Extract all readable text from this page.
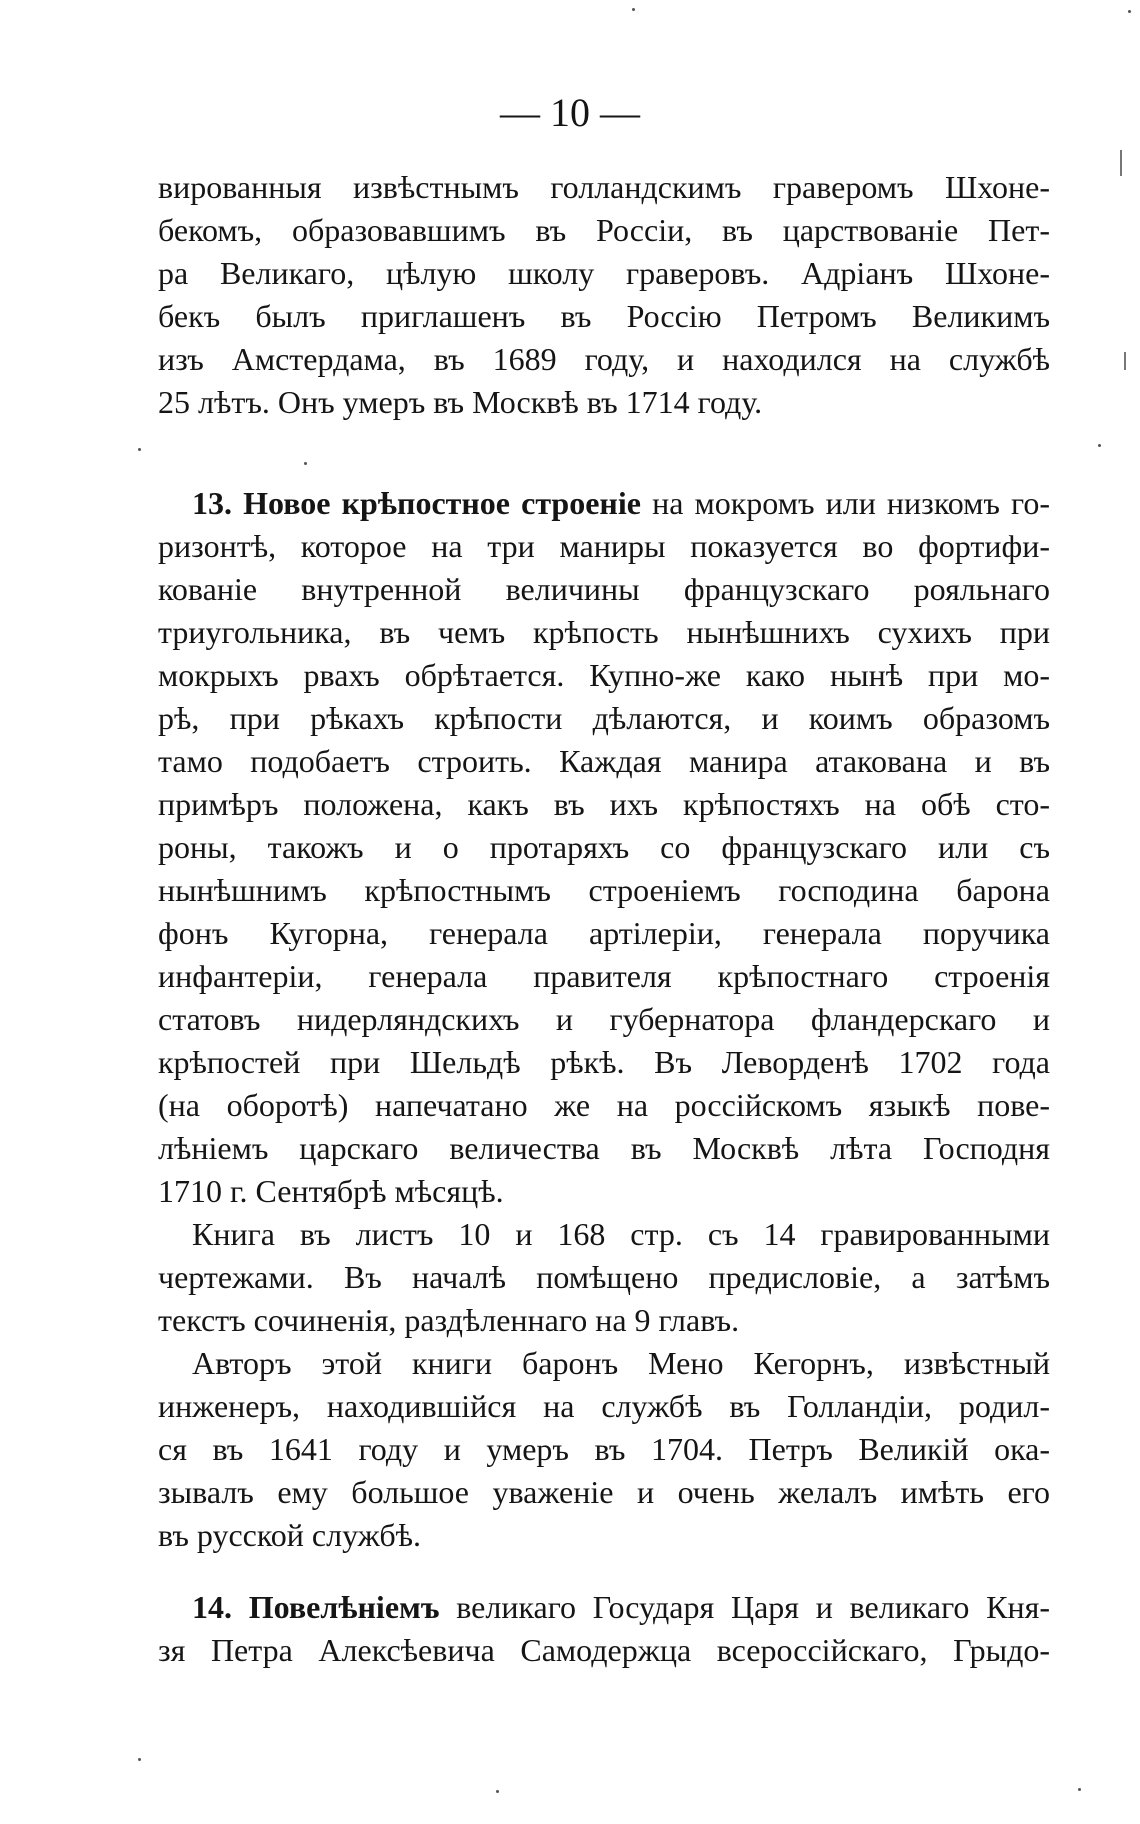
— 10 —
вированныя извѣстнымъ голландскимъ граверомъ Шхоне-
бекомъ, образовавшимъ въ Россіи, въ царствованіе Пет-
ра Великаго, цѣлую школу граверовъ. Адріанъ Шхоне-
бекъ былъ приглашенъ въ Россію Петромъ Великимъ
изъ Амстердама, въ 1689 году, и находился на службѣ
25 лѣтъ. Онъ умеръ въ Москвѣ въ 1714 году.
13. Новое крѣпостное строеніе на мокромъ или низкомъ го-
ризонтѣ, которое на три маниры показуется во фортифи-
кованіе внутренной величины французскаго рояльнаго
триугольника, въ чемъ крѣпость нынѣшнихъ сухихъ при
мокрыхъ рвахъ обрѣтается. Купно-же како нынѣ при мо-
рѣ, при рѣкахъ крѣпости дѣлаются, и коимъ образомъ
тамо подобаетъ строить. Каждая манира атакована и въ
примѣръ положена, какъ въ ихъ крѣпостяхъ на обѣ сто-
роны, такожъ и о протаряхъ со французскаго или съ
нынѣшнимъ крѣпостнымъ строеніемъ господина барона
фонъ Кугорна, генерала артілеріи, генерала поручика
инфантеріи, генерала правителя крѣпостнаго строенія
статовъ нидерляндскихъ и губернатора фландерскаго и
крѣпостей при Шельдѣ рѣкѣ. Въ Леворденѣ 1702 года
(на оборотѣ) напечатано же на россійскомъ языкѣ пове-
лѣніемъ царскаго величества въ Москвѣ лѣта Господня
1710 г. Сентябрѣ мѣсяцѣ.
Книга въ листъ 10 и 168 стр. съ 14 гравированными
чертежами. Въ началѣ помѣщено предисловіе, а затѣмъ
текстъ сочиненія, раздѣленнаго на 9 главъ.
Авторъ этой книги баронъ Мено Кегорнъ, извѣстный
инженеръ, находившійся на службѣ въ Голландіи, родил-
ся въ 1641 году и умеръ въ 1704. Петръ Великій ока-
зывалъ ему большое уваженіе и очень желалъ имѣть его
въ русской службѣ.
14. Повелѣніемъ великаго Государя Царя и великаго Кня-
зя Петра Алексѣевича Самодержца всероссійскаго, Грыдо-
